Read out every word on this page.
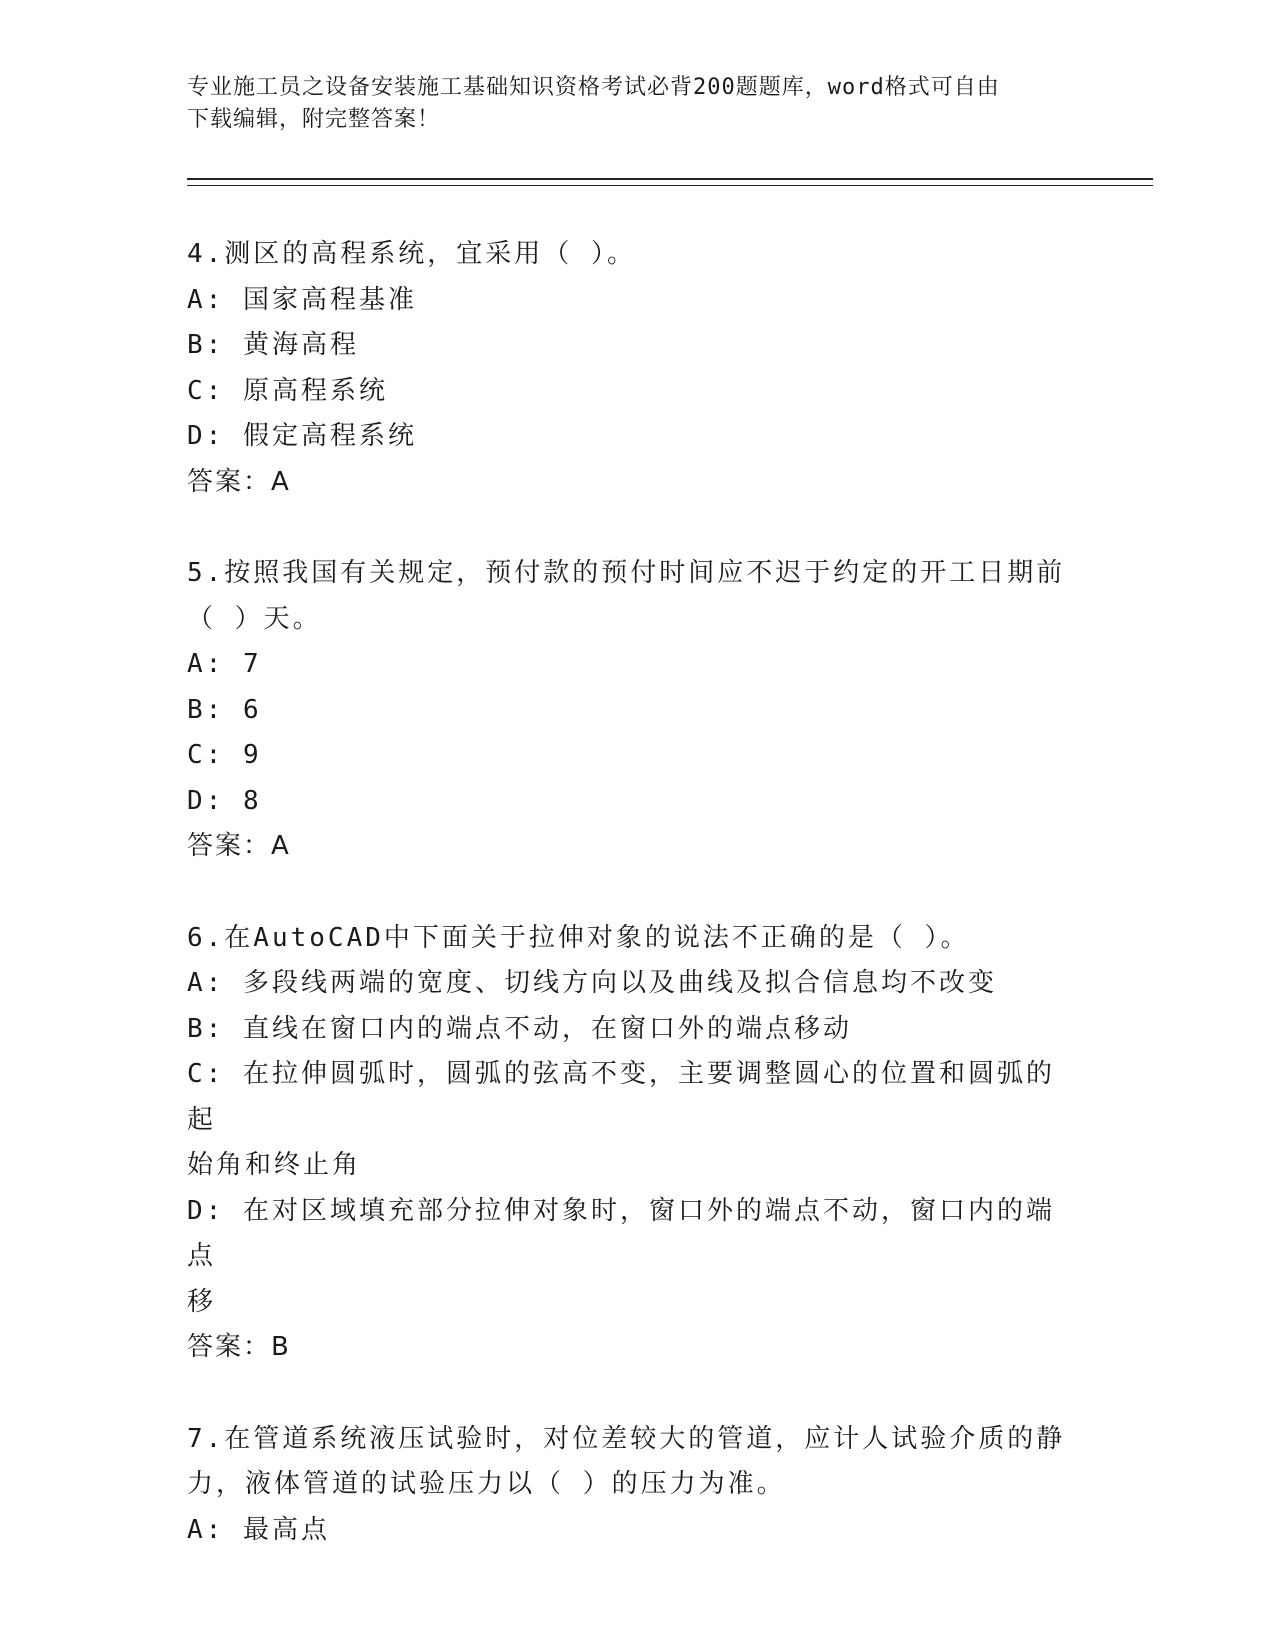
专业施工员之设备安装施工基础知识资格考试必背200题题库，word格式可自由
下载编辑，附完整答案！
4.测区的高程系统，宜采用（ ）。
A: 国家高程基准
B: 黄海高程
C: 原高程系统
D: 假定高程系统
答案：A
5.按照我国有关规定，预付款的预付时间应不迟于约定的开工日期前
（ ）天。
A: 7
B: 6
C: 9
D: 8
答案：A
6.在AutoCAD中下面关于拉伸对象的说法不正确的是（ ）。
A: 多段线两端的宽度、切线方向以及曲线及拟合信息均不改变
B: 直线在窗口内的端点不动，在窗口外的端点移动
C: 在拉伸圆弧时，圆弧的弦高不变，主要调整圆心的位置和圆弧的起
始角和终止角
D: 在对区域填充部分拉伸对象时，窗口外的端点不动，窗口内的端点
移
答案：B
7.在管道系统液压试验时，对位差较大的管道，应计人试验介质的静
力，液体管道的试验压力以（ ）的压力为准。
A: 最高点
